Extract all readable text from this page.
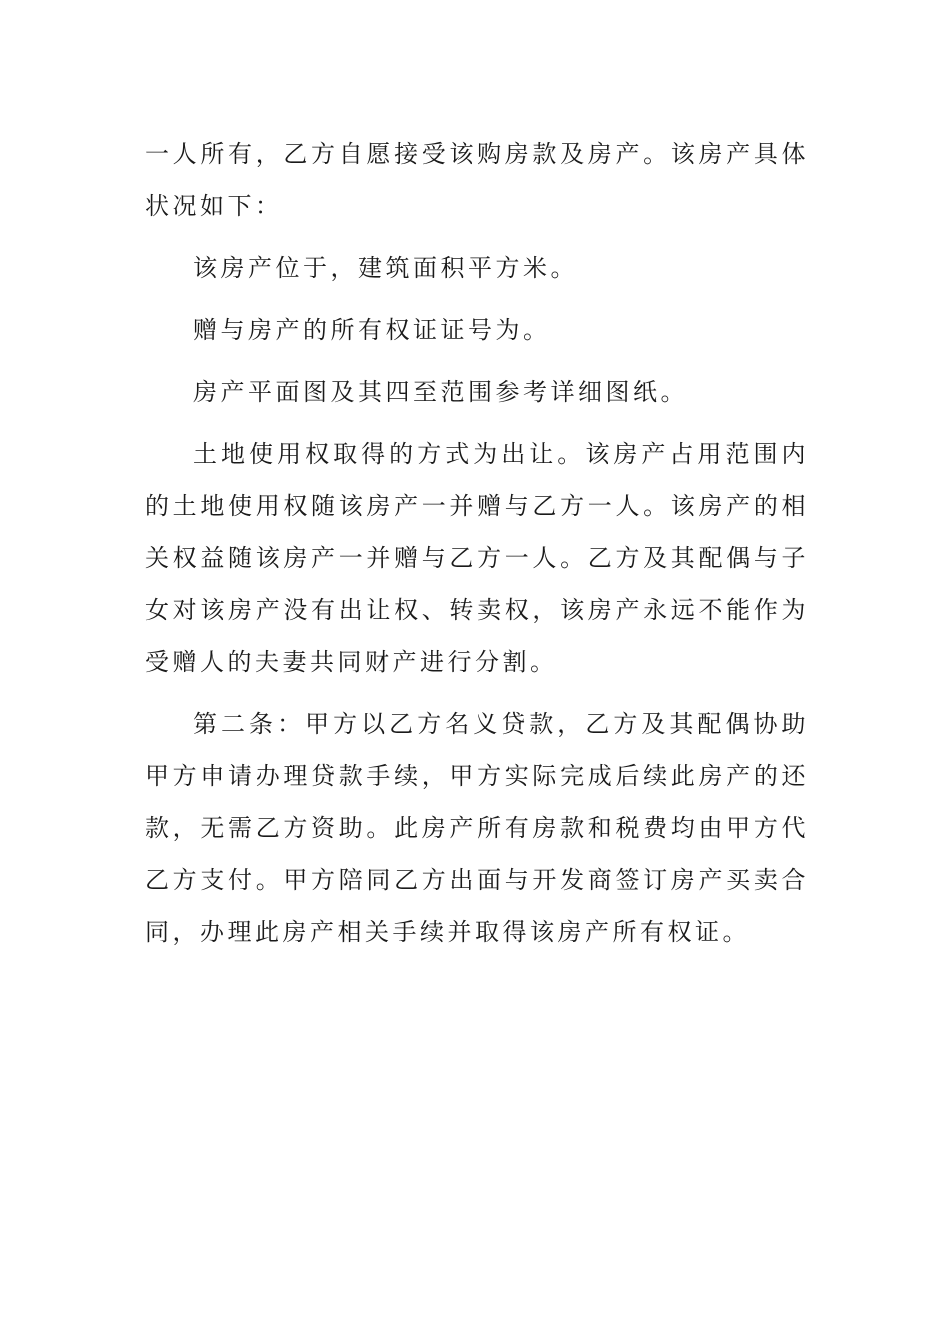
一人所有，乙方自愿接受该购房款及房产。该房产具体状况如下：

该房产位于，建筑面积平方米。

赠与房产的所有权证证号为。

房产平面图及其四至范围参考详细图纸。

土地使用权取得的方式为出让。该房产占用范围内的土地使用权随该房产一并赠与乙方一人。该房产的相关权益随该房产一并赠与乙方一人。乙方及其配偶与子女对该房产没有出让权、转卖权，该房产永远不能作为受赠人的夫妻共同财产进行分割。

第二条：甲方以乙方名义贷款，乙方及其配偶协助甲方申请办理贷款手续，甲方实际完成后续此房产的还款，无需乙方资助。此房产所有房款和税费均由甲方代乙方支付。甲方陪同乙方出面与开发商签订房产买卖合同，办理此房产相关手续并取得该房产所有权证。
